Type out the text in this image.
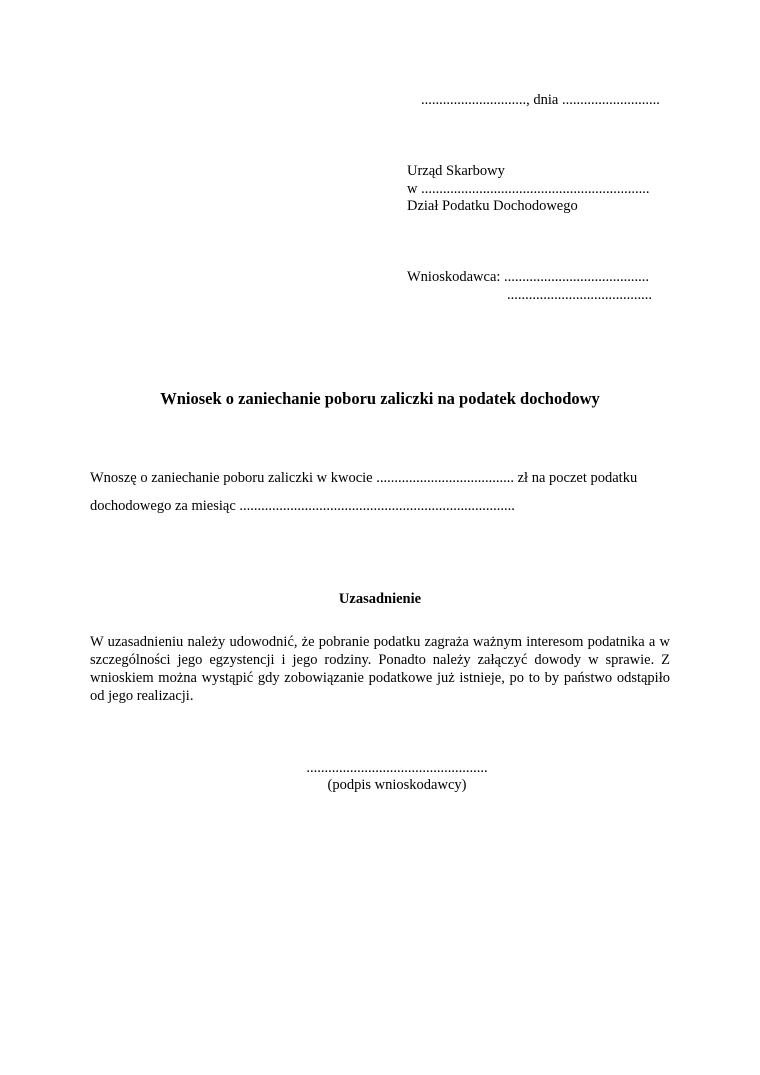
............................., dnia ...........................
Urząd Skarbowy
w ...............................................................
Dział Podatku Dochodowego
Wnioskodawca: ........................................
........................................
Wniosek o zaniechanie poboru zaliczki na podatek dochodowy
Wnoszę o zaniechanie poboru zaliczki w kwocie ...................................... zł na poczet podatku
dochodowego za miesiąc ............................................................................
Uzasadnienie
W uzasadnieniu należy udowodnić, że pobranie podatku zagraża ważnym interesom podatnika a w szczególności jego egzystencji i jego rodziny. Ponadto należy załączyć dowody w sprawie. Z wnioskiem można wystąpić gdy zobowiązanie podatkowe już istnieje, po to by państwo odstąpiło od jego realizacji.
..................................................
(podpis wnioskodawcy)
